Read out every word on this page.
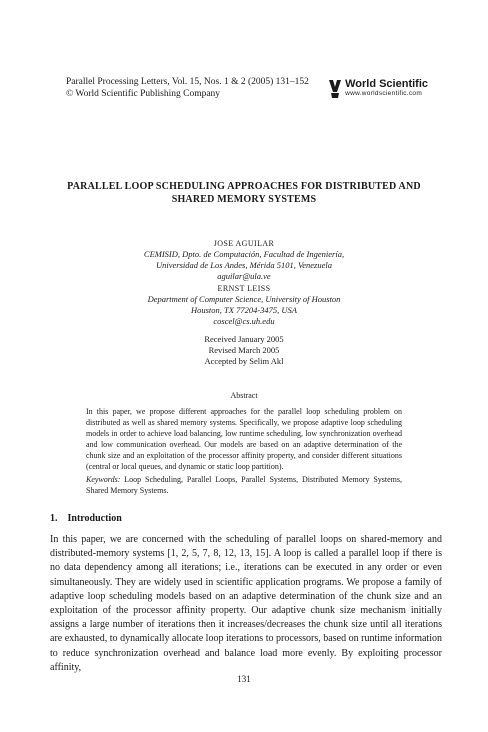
Parallel Processing Letters, Vol. 15, Nos. 1 & 2 (2005) 131–152
© World Scientific Publishing Company
World Scientific
www.worldscientific.com
PARALLEL LOOP SCHEDULING APPROACHES FOR DISTRIBUTED AND
SHARED MEMORY SYSTEMS
JOSE AGUILAR
CEMISID, Dpto. de Computación, Facultad de Ingeniería,
Universidad de Los Andes, Mérida 5101, Venezuela
aguilar@ula.ve
ERNST LEISS
Department of Computer Science, University of Houston
Houston, TX 77204-3475, USA
coscel@cs.uh.edu
Received January 2005
Revised March 2005
Accepted by Selim Akl
Abstract
In this paper, we propose different approaches for the parallel loop scheduling problem on distributed as well as shared memory systems. Specifically, we propose adaptive loop scheduling models in order to achieve load balancing, low runtime scheduling, low synchronization overhead and low communication overhead. Our models are based on an adaptive determination of the chunk size and an exploitation of the processor affinity property, and consider different situations (central or local queues, and dynamic or static loop partition).
Keywords: Loop Scheduling, Parallel Loops, Parallel Systems, Distributed Memory Systems, Shared Memory Systems.
1. Introduction
In this paper, we are concerned with the scheduling of parallel loops on shared-memory and distributed-memory systems [1, 2, 5, 7, 8, 12, 13, 15]. A loop is called a parallel loop if there is no data dependency among all iterations; i.e., iterations can be executed in any order or even simultaneously. They are widely used in scientific application programs. We propose a family of adaptive loop scheduling models based on an adaptive determination of the chunk size and an exploitation of the processor affinity property. Our adaptive chunk size mechanism initially assigns a large number of iterations then it increases/decreases the chunk size until all iterations are exhausted, to dynamically allocate loop iterations to processors, based on runtime information to reduce synchronization overhead and balance load more evenly. By exploiting processor affinity,
131
